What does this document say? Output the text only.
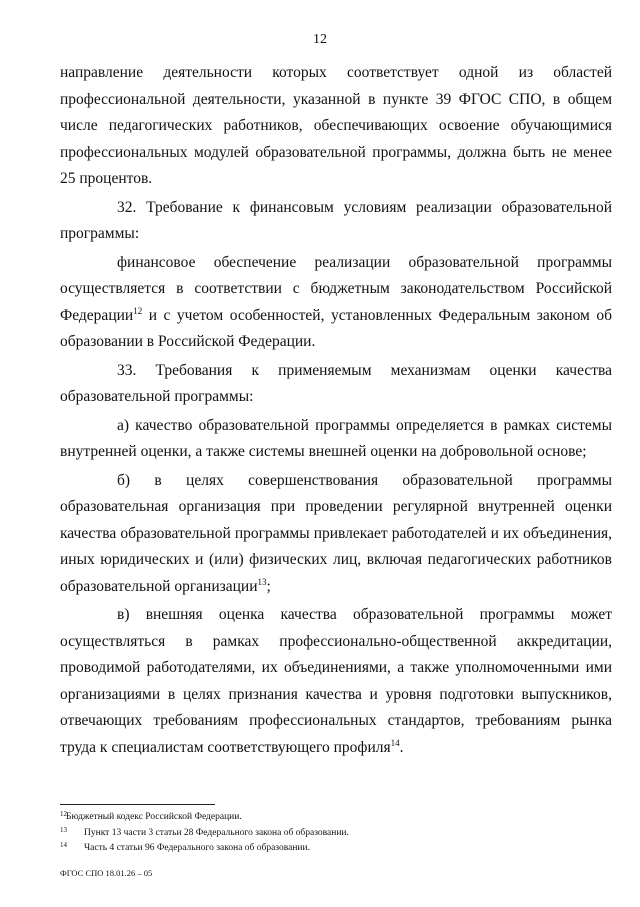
12

направление деятельности которых соответствует одной из областей профессиональной деятельности, указанной в пункте 39 ФГОС СПО, в общем числе педагогических работников, обеспечивающих освоение обучающимися профессиональных модулей образовательной программы, должна быть не менее 25 процентов.

32. Требование к финансовым условиям реализации образовательной программы:

финансовое обеспечение реализации образовательной программы осуществляется в соответствии с бюджетным законодательством Российской Федерации$^{12}$ и с учетом особенностей, установленных Федеральным законом об образовании в Российской Федерации.

33. Требования к применяемым механизмам оценки качества образовательной программы:

а) качество образовательной программы определяется в рамках системы внутренней оценки, а также системы внешней оценки на добровольной основе;

б) в целях совершенствования образовательной программы образовательная организация при проведении регулярной внутренней оценки качества образовательной программы привлекает работодателей и их объединения, иных юридических и (или) физических лиц, включая педагогических работников образовательной организации$^{13}$;

в) внешняя оценка качества образовательной программы может осуществляться в рамках профессионально-общественной аккредитации, проводимой работодателями, их объединениями, а также уполномоченными ими организациями в целях признания качества и уровня подготовки выпускников, отвечающих требованиям профессиональных стандартов, требованиям рынка труда к специалистам соответствующего профиля$^{14}$.

12Бюджетный кодекс Российской Федерации.

13 Пункт 13 части 3 статьи 28 Федерального закона об образовании.

14 Часть 4 статьи 96 Федерального закона об образовании.

ФГОС СПО 18.01.26 – 05
